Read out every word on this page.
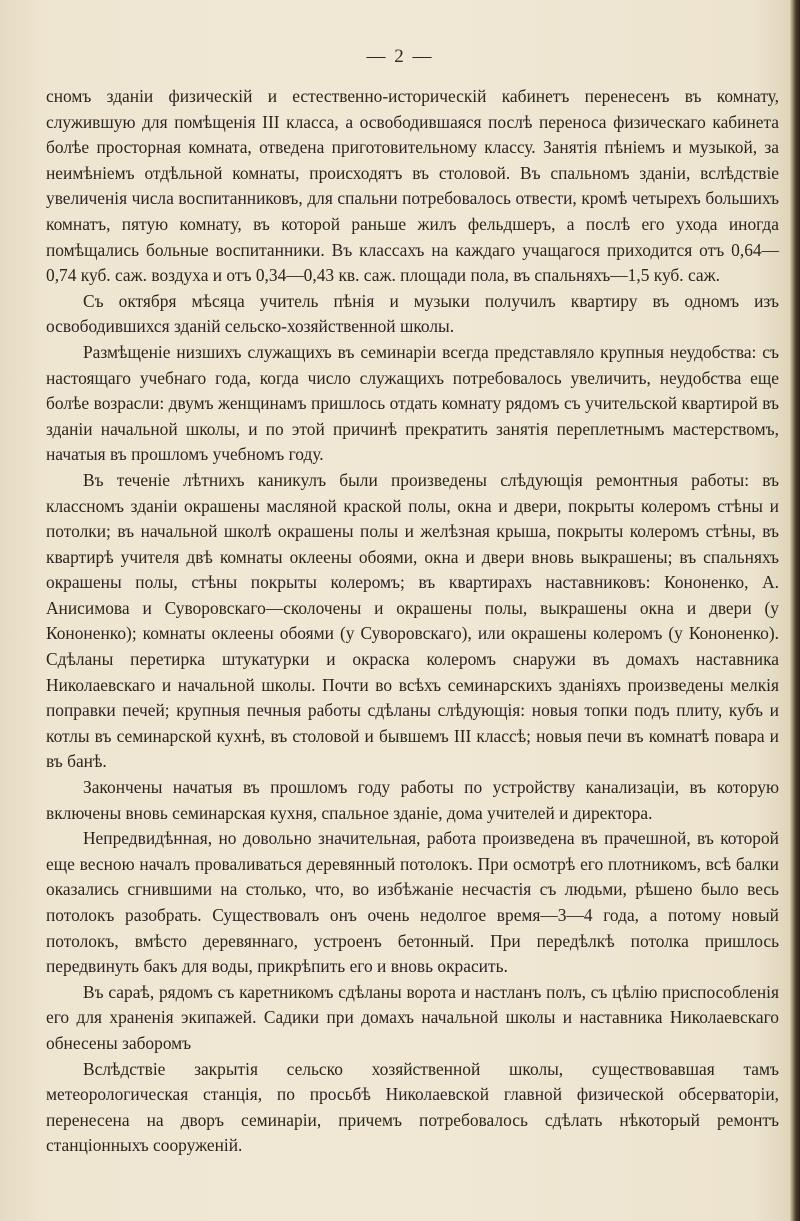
— 2 —

сномъ зданіи физическій и естественно-историческій кабинетъ перенесенъ въ комнату, служившую для помѣщенія III класса, а освободившаяся послѣ переноса физическаго кабинета болѣе просторная комната, отведена приготовительному классу. Занятія пѣніемъ и музыкой, за неимѣніемъ отдѣльной комнаты, происходятъ въ столовой. Въ спальномъ зданіи, вслѣдствіе увеличенія числа воспитанниковъ, для спальни потребовалось отвести, кромѣ четырехъ большихъ комнатъ, пятую комнату, въ которой раньше жилъ фельдшеръ, а послѣ его ухода иногда помѣщались больные воспитанники. Въ классахъ на каждаго учащагося приходится отъ 0,64—0,74 куб. саж. воздуха и отъ 0,34—0,43 кв. саж. площади пола, въ спальняхъ—1,5 куб. саж.

Съ октября мѣсяца учитель пѣнія и музыки получилъ квартиру въ одномъ изъ освободившихся зданій сельско-хозяйственной школы.

Размѣщеніе низшихъ служащихъ въ семинаріи всегда представляло крупныя неудобства: съ настоящаго учебнаго года, когда число служащихъ потребовалось увеличить, неудобства еще болѣе возрасли: двумъ женщинамъ пришлось отдать комнату рядомъ съ учительской квартирой въ зданіи начальной школы, и по этой причинѣ прекратить занятія переплетнымъ мастерствомъ, начатыя въ прошломъ учебномъ году.

Въ теченіе лѣтнихъ каникулъ были произведены слѣдующія ремонтныя работы: въ классномъ зданіи окрашены масляной краской полы, окна и двери, покрыты колеромъ стѣны и потолки; въ начальной школѣ окрашены полы и желѣзная крыша, покрыты колеромъ стѣны, въ квартирѣ учителя двѣ комнаты оклеены обоями, окна и двери вновь выкрашены; въ спальняхъ окрашены полы, стѣны покрыты колеромъ; въ квартирахъ наставниковъ: Кононенко, А. Анисимова и Суворовскаго—сколочены и окрашены полы, выкрашены окна и двери (у Кононенко); комнаты оклеены обоями (у Суворовскаго), или окрашены колеромъ (у Кононенко). Сдѣланы перетирка штукатурки и окраска колеромъ снаружи въ домахъ наставника Николаевскаго и начальной школы. Почти во всѣхъ семинарскихъ зданіяхъ произведены мелкія поправки печей; крупныя печныя работы сдѣланы слѣдующія: новыя топки подъ плиту, кубъ и котлы въ семинарской кухнѣ, въ столовой и бывшемъ III классѣ; новыя печи въ комнатѣ повара и въ банѣ.

Закончены начатыя въ прошломъ году работы по устройству канализаціи, въ которую включены вновь семинарская кухня, спальное зданіе, дома учителей и директора.

Непредвидѣнная, но довольно значительная, работа произведена въ прачешной, въ которой еще весною началъ проваливаться деревянный потолокъ. При осмотрѣ его плотникомъ, всѣ балки оказались сгнившими на столько, что, во избѣжаніе несчастія съ людьми, рѣшено было весь потолокъ разобрать. Существовалъ онъ очень недолгое время—3—4 года, а потому новый потолокъ, вмѣсто деревяннаго, устроенъ бетонный. При передѣлкѣ потолка пришлось передвинуть бакъ для воды, прикрѣпить его и вновь окрасить.

Въ сараѣ, рядомъ съ каретникомъ сдѣланы ворота и настланъ полъ, съ цѣлію приспособленія его для храненія экипажей. Садики при домахъ начальной школы и наставника Николаевскаго обнесены заборомъ

Вслѣдствіе закрытія сельско хозяйственной школы, существовавшая тамъ метеорологическая станція, по просьбѣ Николаевской главной физической обсерваторіи, перенесена на дворъ семинаріи, причемъ потребовалось сдѣлать нѣкоторый ремонтъ станціонныхъ сооруженій.
